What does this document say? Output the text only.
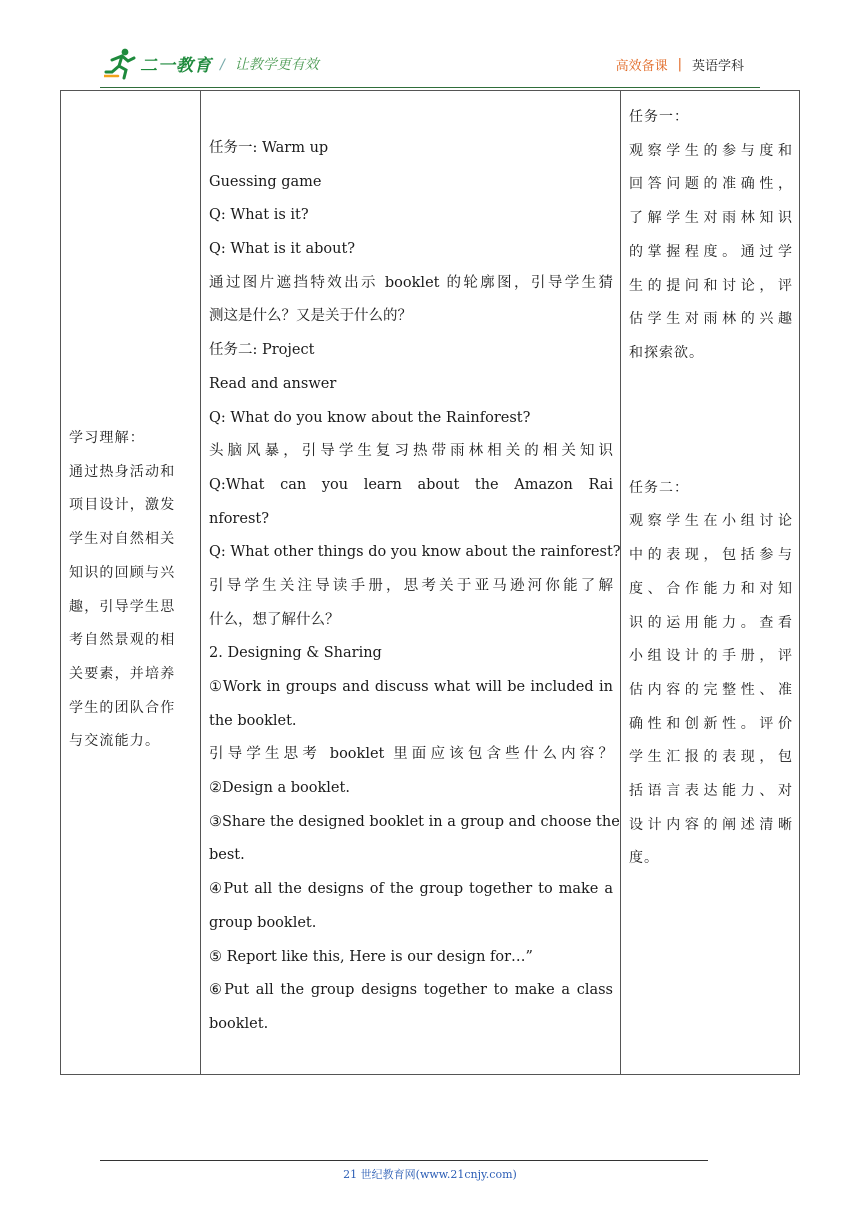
二一教育 / 让教学更有效	高效备课 | 英语学科
学习理解：
通过热身活动和
项目设计，激发
学生对自然相关
知识的回顾与兴
趣，引导学生思
考自然景观的相
关要素，并培养
学生的团队合作
与交流能力。
任务一: Warm up
Guessing game
Q: What is it?
Q: What is it about?
通过图片遮挡特效出示 booklet 的轮廓图，引导学生猜
测这是什么？又是关于什么的？
任务二: Project
Read and answer
Q: What do you know about the Rainforest?
头脑风暴，引导学生复习热带雨林相关的相关知识
Q:What can you learn about the Amazon Rai
nforest?
Q: What other things do you know about the rainforest?
引导学生关注导读手册，思考关于亚马逊河你能了解
什么，想了解什么？
2. Designing & Sharing
①Work in groups and discuss what will be included in
the booklet.
引导学生思考 booklet 里面应该包含些什么内容？
②Design a booklet.
③Share the designed booklet in a group and choose the
best.
④Put all the designs of the group together to make a
group booklet.
⑤ Report like this, Here is our design for…”
⑥Put all the group designs together to make a class
booklet.
任务一：
观察学生的参与度和
回答问题的准确性，
了解学生对雨林知识
的掌握程度。通过学
生的提问和讨论，评
估学生对雨林的兴趣
和探索欲。

任务二：
观察学生在小组讨论
中的表现，包括参与
度、合作能力和对知
识的运用能力。查看
小组设计的手册，评
估内容的完整性、准
确性和创新性。评价
学生汇报的表现，包
括语言表达能力、对
设计内容的阐述清晰
度。
21 世纪教育网(www.21cnjy.com)
